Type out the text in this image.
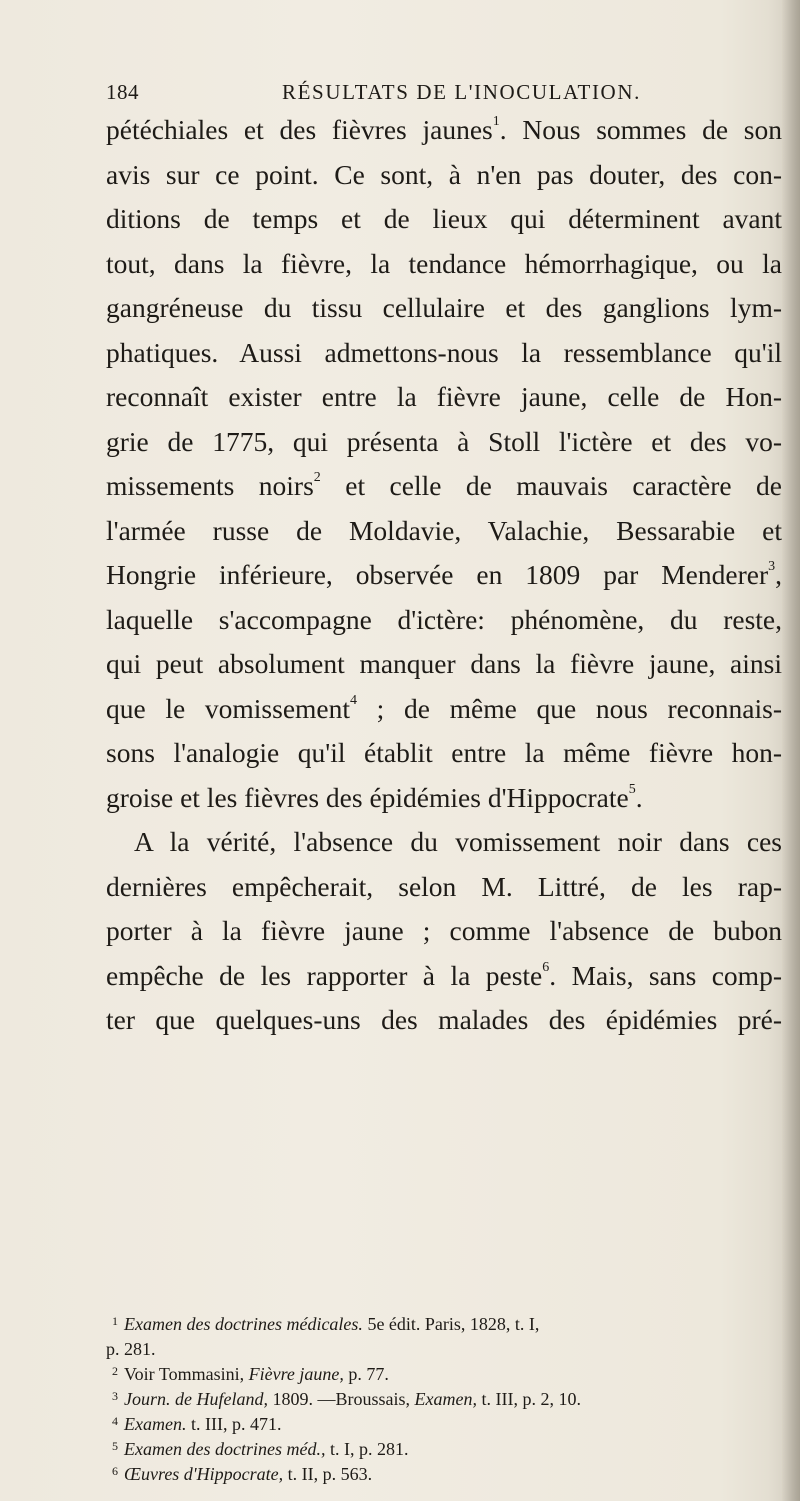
184	RÉSULTATS DE L'INOCULATION.
pétéchiales et des fièvres jaunes$^1$. Nous sommes de son
avis sur ce point. Ce sont, à n'en pas douter, des con-
ditions de temps et de lieux qui déterminent avant
tout, dans la fièvre, la tendance hémorrhagique, ou la
gangréneuse du tissu cellulaire et des ganglions lym-
phatiques. Aussi admettons-nous la ressemblance qu'il
reconnaît exister entre la fièvre jaune, celle de Hon-
grie de 1775, qui présenta à Stoll l'ictère et des vo-
missements noirs$^2$ et celle de mauvais caractère de
l'armée russe de Moldavie, Valachie, Bessarabie et
Hongrie inférieure, observée en 1809 par Menderer$^3$,
laquelle s'accompagne d'ictère: phénomène, du reste,
qui peut absolument manquer dans la fièvre jaune, ainsi
que le vomissement$^4$ ; de même que nous reconnais-
sons l'analogie qu'il établit entre la même fièvre hon-
groise et les fièvres des épidémies d'Hippocrate$^5$.
A la vérité, l'absence du vomissement noir dans ces
dernières empêcherait, selon M. Littré, de les rap-
porter à la fièvre jaune ; comme l'absence de bubon
empêche de les rapporter à la peste$^6$. Mais, sans comp-
ter que quelques-uns des malades des épidémies pré-
1 Examen des doctrines médicales. 5e édit. Paris, 1828, t. I,
p. 281.
2 Voir Tommasini, Fièvre jaune, p. 77.
3 Journ. de Hufeland, 1809. —Broussais, Examen, t. III, p. 2, 10.
4 Examen. t. III, p. 471.
5 Examen des doctrines méd., t. I, p. 281.
6 Œuvres d'Hippocrate, t. II, p. 563.
